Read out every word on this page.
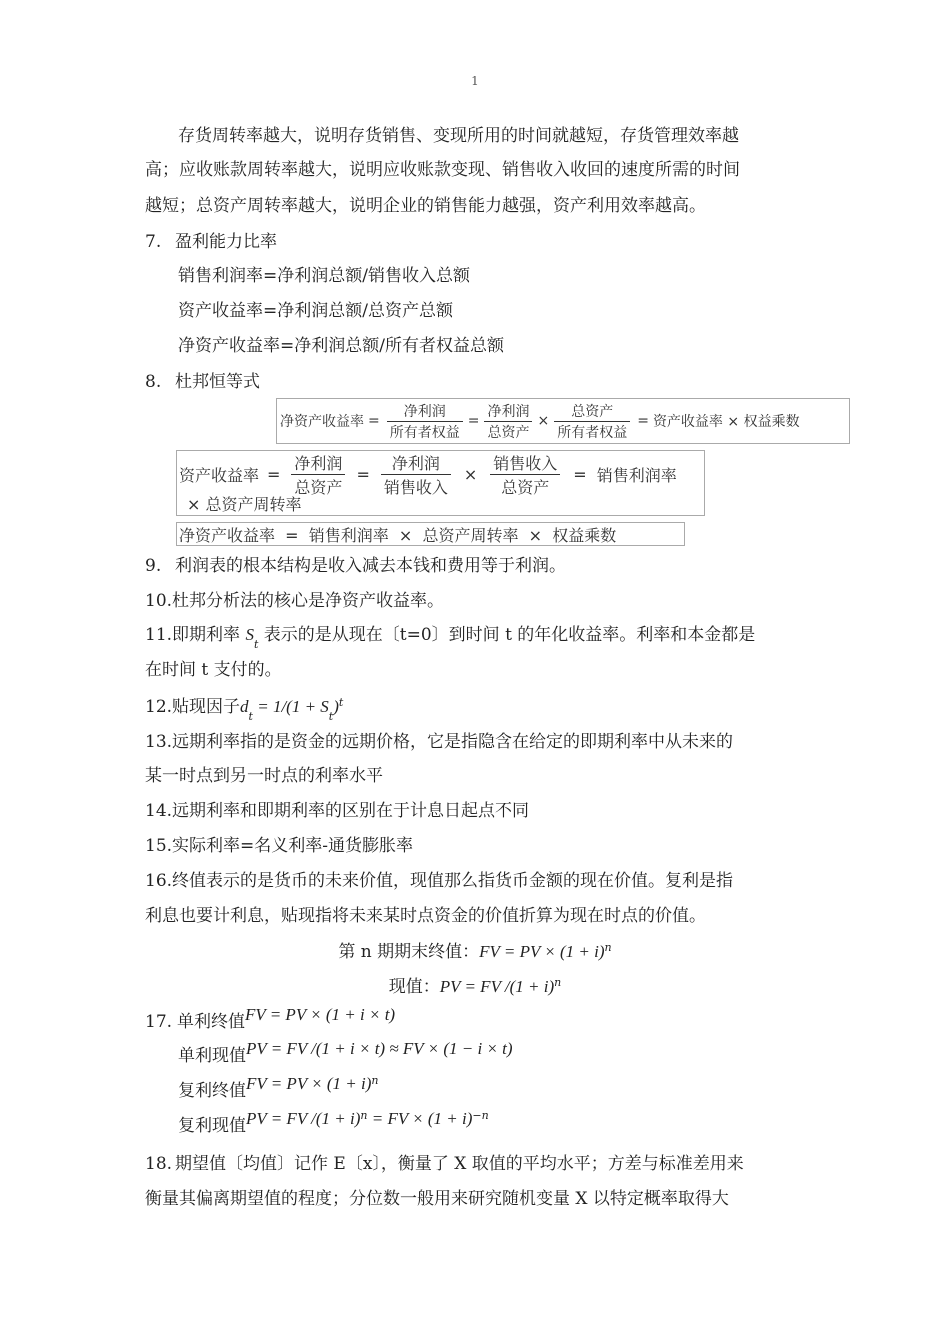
1
存货周转率越大，说明存货销售、变现所用的时间就越短，存货管理效率越
高；应收账款周转率越大，说明应收账款变现、销售收入收回的速度所需的时间
越短；总资产周转率越大，说明企业的销售能力越强，资产利用效率越高。
7. 盈利能力比率
销售利润率=净利润总额/销售收入总额
资产收益率=净利润总额/总资产总额
净资产收益率=净利润总额/所有者权益总额
8. 杜邦恒等式
净资产收益率 = $\frac{\text{净利润}}{\text{所有者权益}} = \frac{\text{净利润}}{\text{总资产}} \times \frac{\text{总资产}}{\text{所有者权益}}$ = 资产收益率 × 权益乘数
资产收益率 = $\frac{\text{净利润}}{\text{总资产}} = \frac{\text{净利润}}{\text{销售收入}} \times \frac{\text{销售收入}}{\text{总资产}}$ = 销售利润率
× 总资产周转率
净资产收益率  =  销售利润率  ×  总资产周转率  ×  权益乘数
9. 利润表的根本结构是收入减去本钱和费用等于利润。
10.杜邦分析法的核心是净资产收益率。
11.即期利率 $S_t$ 表示的是从现在〔t=0〕到时间 t 的年化收益率。利率和本金都是
在时间 t 支付的。
12.贴现因子$d_t = 1/(1 + S_t)^t$
13.远期利率指的是资金的远期价格，它是指隐含在给定的即期利率中从未来的
某一时点到另一时点的利率水平
14.远期利率和即期利率的区别在于计息日起点不同
15.实际利率=名义利率-通货膨胀率
16.终值表示的是货币的未来价值，现值那么指货币金额的现在价值。复利是指
利息也要计利息，贴现指将未来某时点资金的价值折算为现在时点的价值。
第 n 期期末终值：FV = PV × $(1 + i)^n$
现值：PV = FV $/(1 + i)^n$
17. 单利终值FV = PV × (1 + i × t)
单利现值PV = FV /(1 + i × t) ≈ FV × (1 − i × t)
复利终值FV = PV × $(1 + i)^n$
复利现值PV = FV $/(1 + i)^n$ = FV × $(1 + i)^{-n}$
18. 期望值〔均值〕记作 E〔x〕，衡量了 X 取值的平均水平；方差与标准差用来
衡量其偏离期望值的程度；分位数一般用来研究随机变量 X 以特定概率取得大
